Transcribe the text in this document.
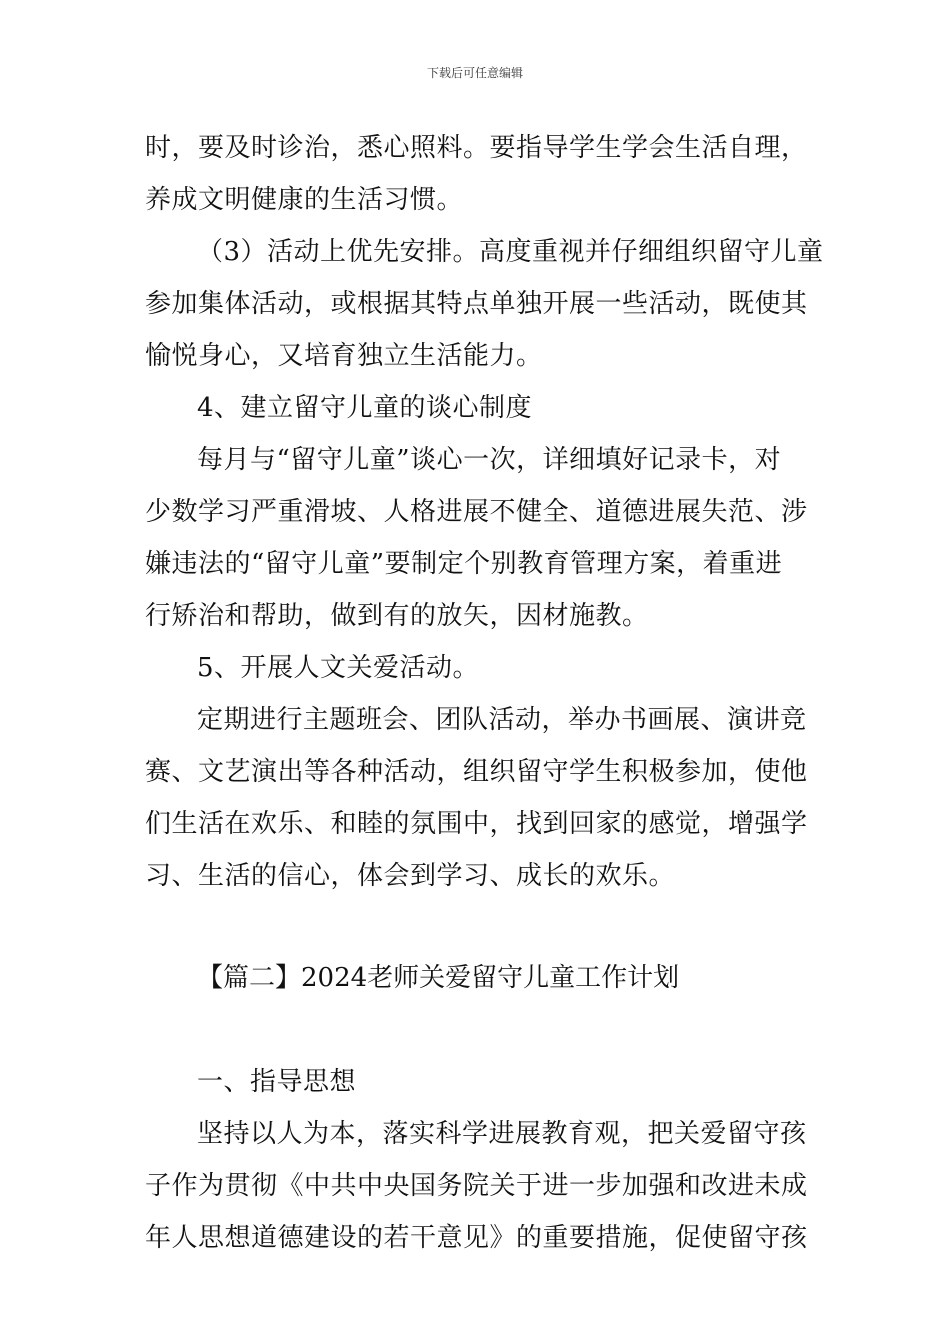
下载后可任意编辑
时，要及时诊治，悉心照料。要指导学生学会生活自理，
养成文明健康的生活习惯。
（3）活动上优先安排。高度重视并仔细组织留守儿童
参加集体活动，或根据其特点单独开展一些活动，既使其
愉悦身心，又培育独立生活能力。
4、建立留守儿童的谈心制度
每月与“留守儿童”谈心一次，详细填好记录卡，对
少数学习严重滑坡、人格进展不健全、道德进展失范、涉
嫌违法的“留守儿童”要制定个别教育管理方案，着重进
行矫治和帮助，做到有的放矢，因材施教。
5、开展人文关爱活动。
定期进行主题班会、团队活动，举办书画展、演讲竞
赛、文艺演出等各种活动，组织留守学生积极参加，使他
们生活在欢乐、和睦的氛围中，找到回家的感觉，增强学
习、生活的信心，体会到学习、成长的欢乐。
【篇二】2024老师关爱留守儿童工作计划
一、指导思想
坚持以人为本，落实科学进展教育观，把关爱留守孩
子作为贯彻《中共中央国务院关于进一步加强和改进未成
年人思想道德建设的若干意见》的重要措施，促使留守孩
